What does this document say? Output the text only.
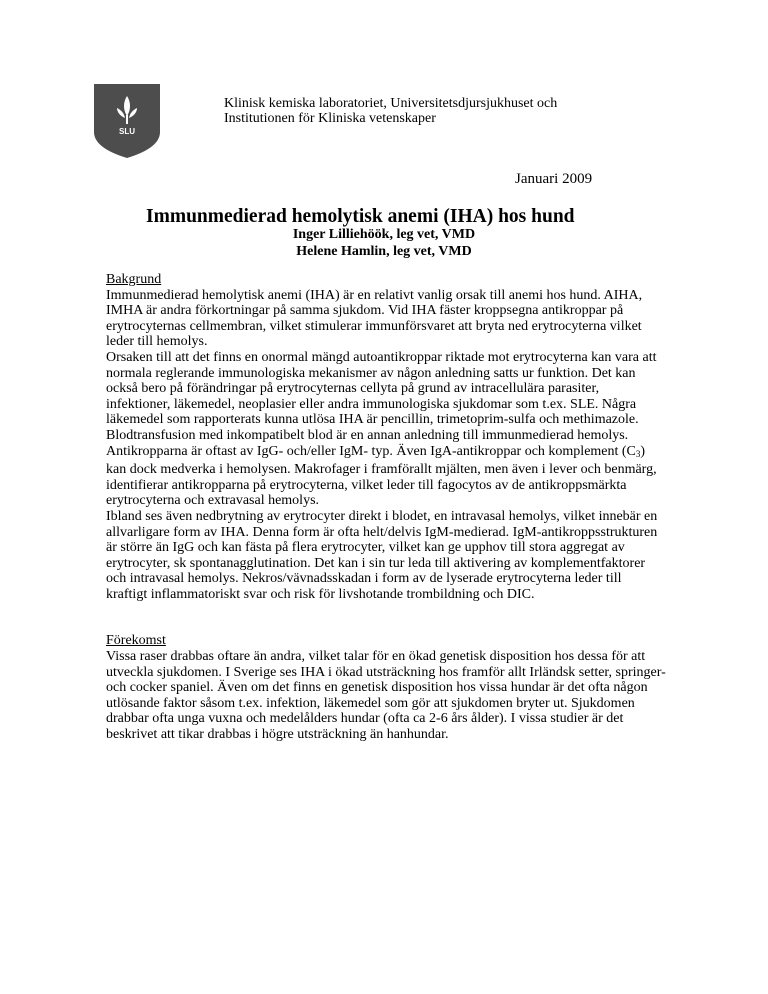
SLU
Klinisk kemiska laboratoriet, Universitetsdjursjukhuset och
Institutionen för Kliniska vetenskaper
Januari 2009
Immunmedierad hemolytisk anemi (IHA) hos hund
Inger Lilliehöök, leg vet, VMD
Helene Hamlin, leg vet, VMD
Bakgrund

Immunmedierad hemolytisk anemi (IHA) är en relativt vanlig orsak till anemi hos hund. AIHA, IMHA är andra förkortningar på samma sjukdom. Vid IHA fäster kroppsegna antikroppar på erytrocyternas cellmembran, vilket stimulerar immunförsvaret att bryta ned erytrocyterna vilket leder till hemolys.

Orsaken till att det finns en onormal mängd autoantikroppar riktade mot erytrocyterna kan vara att normala reglerande immunologiska mekanismer av någon anledning satts ur funktion. Det kan också bero på förändringar på erytrocyternas cellyta på grund av intracellulära parasiter, infektioner, läkemedel, neoplasier eller andra immunologiska sjukdomar som t.ex. SLE. Några läkemedel som rapporterats kunna utlösa IHA är pencillin, trimetoprim-sulfa och methimazole. Blodtransfusion med inkompatibelt blod är en annan anledning till immunmedierad hemolys.

Antikropparna är oftast av IgG- och/eller IgM- typ. Även IgA-antikroppar och komplement $(C_3)$ kan dock medverka i hemolysen. Makrofager i framförallt mjälten, men även i lever och benmärg, identifierar antikropparna på erytrocyterna, vilket leder till fagocytos av de antikroppsmärkta erytrocyterna och extravasal hemolys.

Ibland ses även nedbrytning av erytrocyter direkt i blodet, en intravasal hemolys, vilket innebär en allvarligare form av IHA. Denna form är ofta helt/delvis IgM-medierad. IgM-antikroppsstrukturen är större än IgG och kan fästa på flera erytrocyter, vilket kan ge upphov till stora aggregat av erytrocyter, sk spontanagglutination. Det kan i sin tur leda till aktivering av komplementfaktorer och intravasal hemolys. Nekros/vävnadsskadan i form av de lyserade erytrocyterna leder till kraftigt inflammatoriskt svar och risk för livshotande trombildning och DIC.

Förekomst

Vissa raser drabbas oftare än andra, vilket talar för en ökad genetisk disposition hos dessa för att utveckla sjukdomen. I Sverige ses IHA i ökad utsträckning hos framför allt Irländsk setter, springer- och cocker spaniel. Även om det finns en genetisk disposition hos vissa hundar är det ofta någon utlösande faktor såsom t.ex. infektion, läkemedel som gör att sjukdomen bryter ut. Sjukdomen drabbar ofta unga vuxna och medelålders hundar (ofta ca 2-6 års ålder). I vissa studier är det beskrivet att tikar drabbas i högre utsträckning än hanhundar.
